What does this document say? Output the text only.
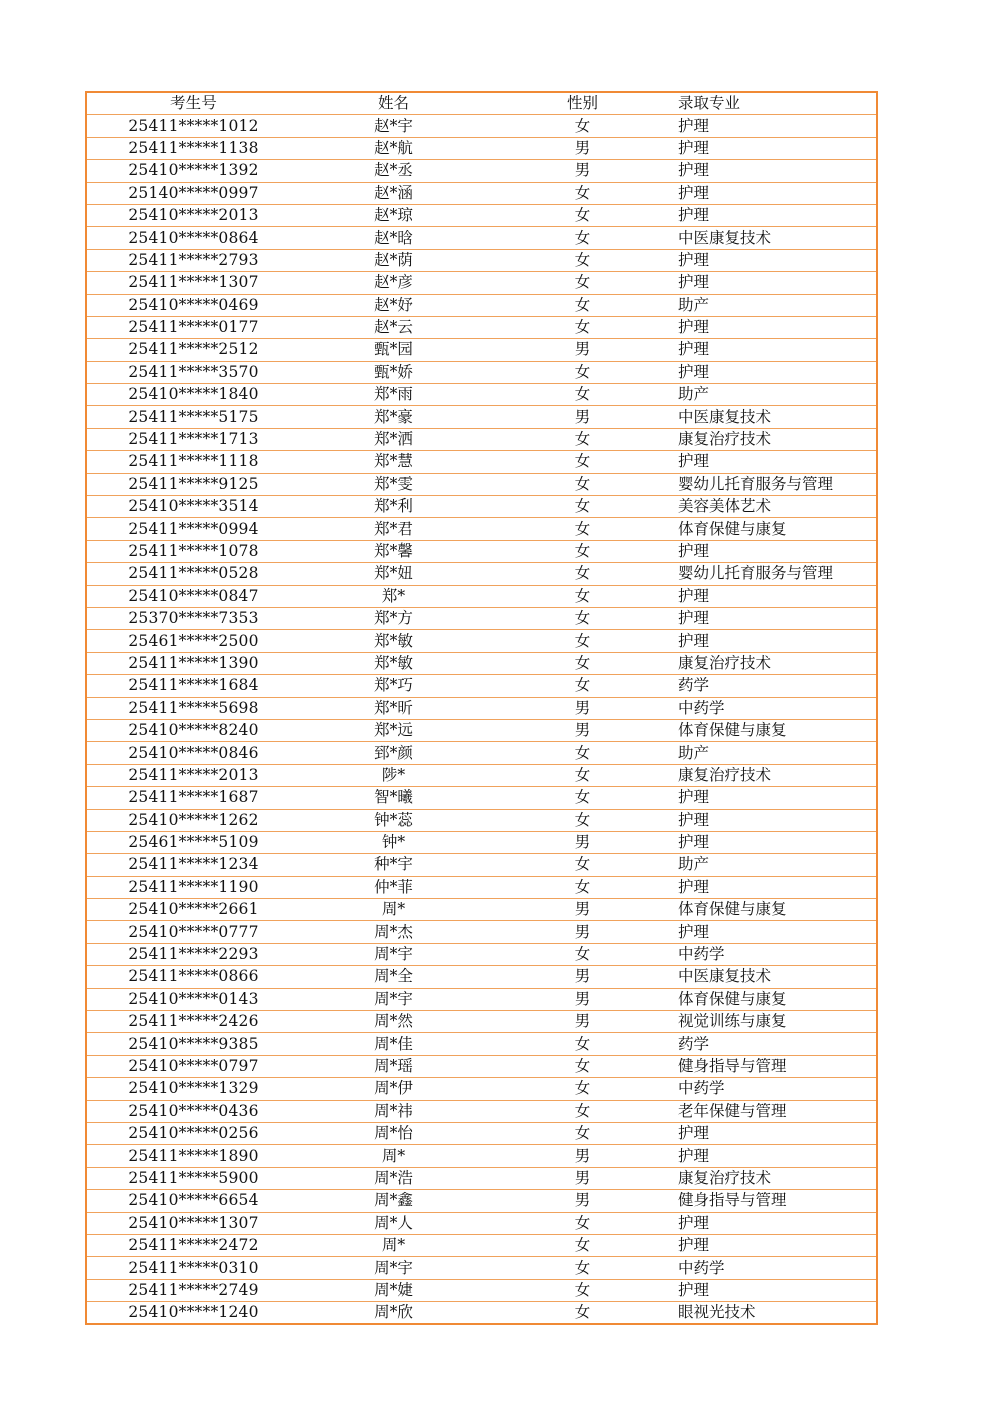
考生号	姓名	性别	录取专业
25411*****1012	赵*宇	女	护理
25411*****1138	赵*航	男	护理
25410*****1392	赵*丞	男	护理
25140*****0997	赵*涵	女	护理
25410*****2013	赵*琼	女	护理
25410*****0864	赵*晗	女	中医康复技术
25411*****2793	赵*荫	女	护理
25411*****1307	赵*彦	女	护理
25410*****0469	赵*妤	女	助产
25411*****0177	赵*云	女	护理
25411*****2512	甄*园	男	护理
25411*****3570	甄*娇	女	护理
25410*****1840	郑*雨	女	助产
25411*****5175	郑*豪	男	中医康复技术
25411*****1713	郑*洒	女	康复治疗技术
25411*****1118	郑*慧	女	护理
25411*****9125	郑*雯	女	婴幼儿托育服务与管理
25410*****3514	郑*利	女	美容美体艺术
25411*****0994	郑*君	女	体育保健与康复
25411*****1078	郑*馨	女	护理
25411*****0528	郑*妞	女	婴幼儿托育服务与管理
25410*****0847	郑*	女	护理
25370*****7353	郑*方	女	护理
25461*****2500	郑*敏	女	护理
25411*****1390	郑*敏	女	康复治疗技术
25411*****1684	郑*巧	女	药学
25411*****5698	郑*昕	男	中药学
25410*****8240	郑*远	男	体育保健与康复
25410*****0846	郅*颜	女	助产
25411*****2013	陟*	女	康复治疗技术
25411*****1687	智*曦	女	护理
25410*****1262	钟*蕊	女	护理
25461*****5109	钟*	男	护理
25411*****1234	种*宇	女	助产
25411*****1190	仲*菲	女	护理
25410*****2661	周*	男	体育保健与康复
25410*****0777	周*杰	男	护理
25411*****2293	周*宇	女	中药学
25411*****0866	周*全	男	中医康复技术
25410*****0143	周*宇	男	体育保健与康复
25411*****2426	周*然	男	视觉训练与康复
25410*****9385	周*佳	女	药学
25410*****0797	周*瑶	女	健身指导与管理
25410*****1329	周*伊	女	中药学
25410*****0436	周*祎	女	老年保健与管理
25410*****0256	周*怡	女	护理
25411*****1890	周*	男	护理
25411*****5900	周*浩	男	康复治疗技术
25410*****6654	周*鑫	男	健身指导与管理
25410*****1307	周*人	女	护理
25411*****2472	周*	女	护理
25411*****0310	周*宇	女	中药学
25411*****2749	周*婕	女	护理
25410*****1240	周*欣	女	眼视光技术
